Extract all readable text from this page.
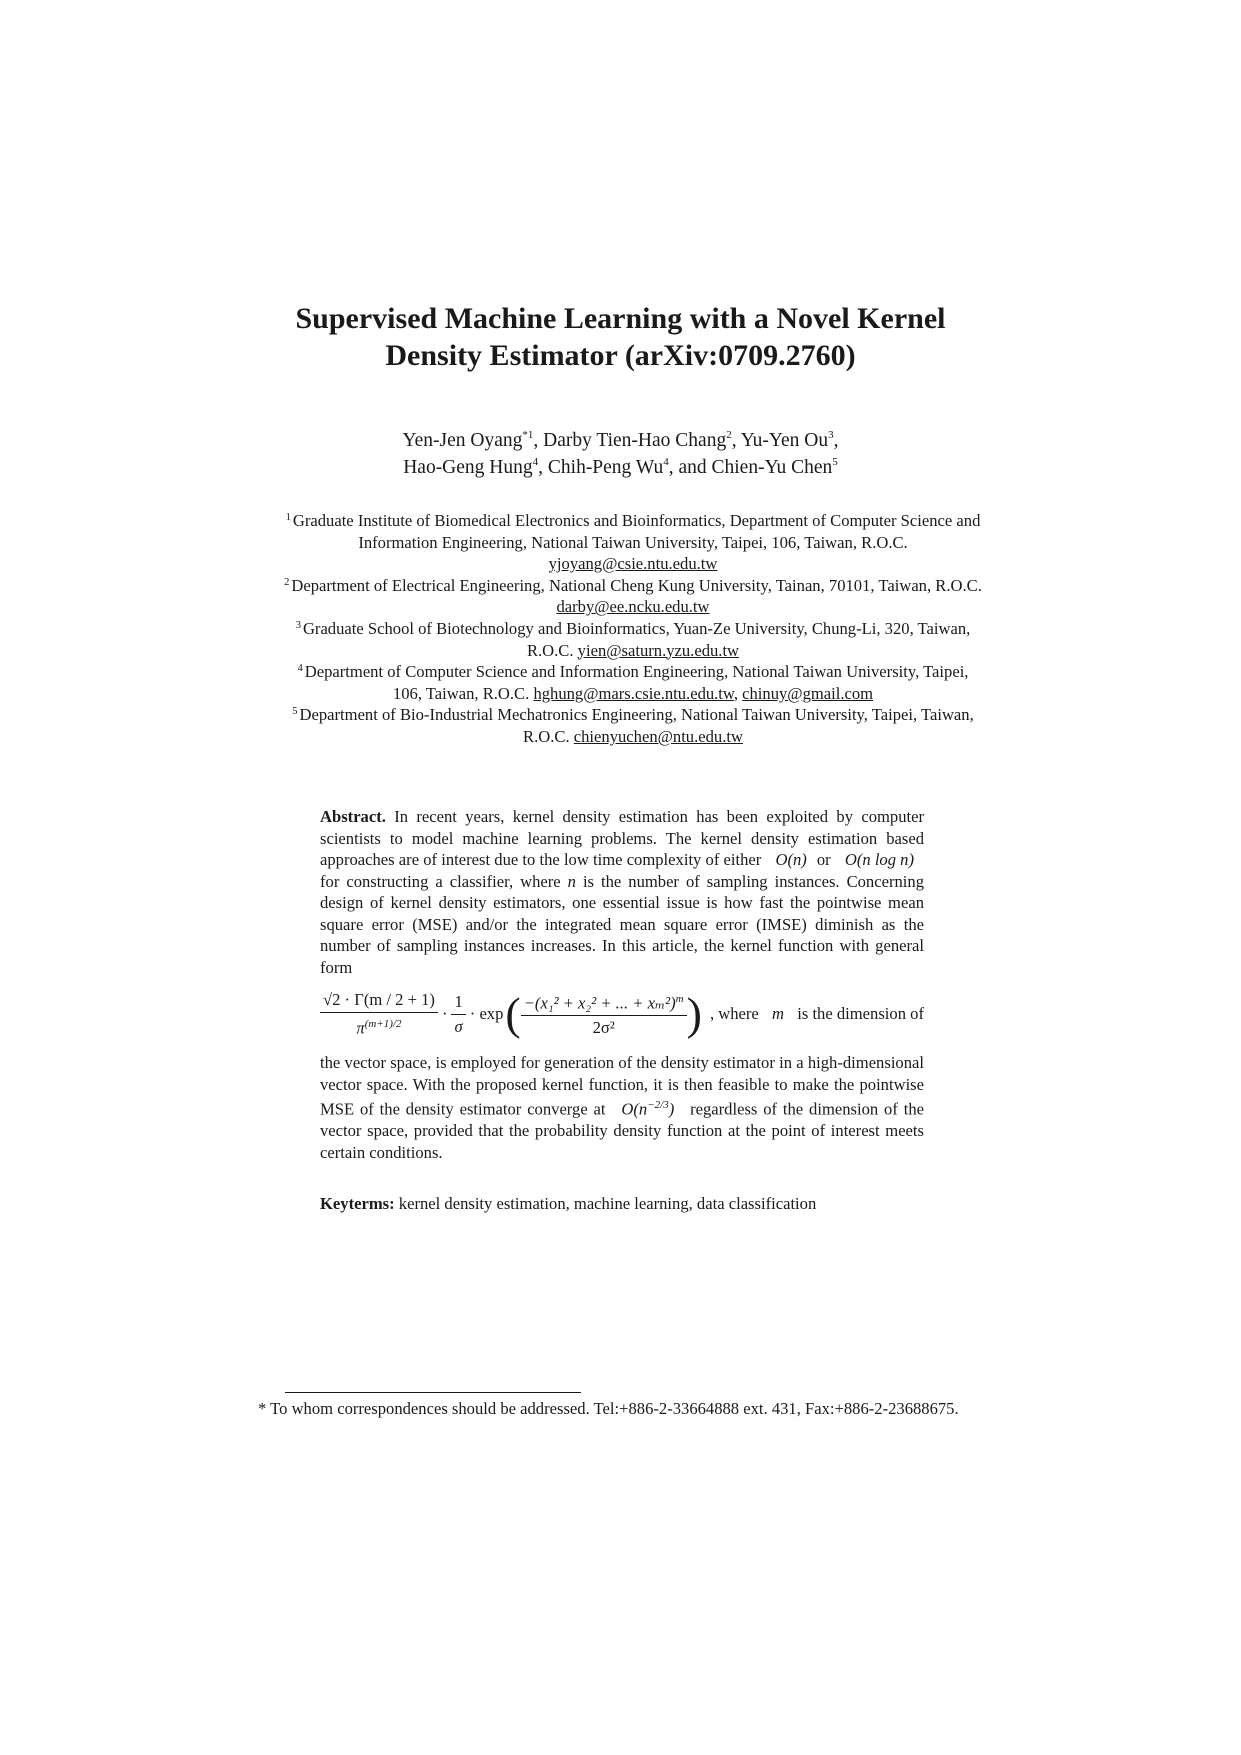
Supervised Machine Learning with a Novel Kernel
Density Estimator (arXiv:0709.2760)
Yen-Jen Oyang$^{*1}$, Darby Tien-Hao Chang$^2$, Yu-Yen Ou$^3$,
Hao-Geng Hung$^4$, Chih-Peng Wu$^4$, and Chien-Yu Chen$^5$

$^1$ Graduate Institute of Biomedical Electronics and Bioinformatics, Department of Computer Science and Information Engineering, National Taiwan University, Taipei, 106, Taiwan, R.O.C. yjoyang@csie.ntu.edu.tw

$^2$ Department of Electrical Engineering, National Cheng Kung University, Tainan, 70101, Taiwan, R.O.C. darby@ee.ncku.edu.tw

$^3$ Graduate School of Biotechnology and Bioinformatics, Yuan-Ze University, Chung-Li, 320, Taiwan, R.O.C. yien@saturn.yzu.edu.tw

$^4$ Department of Computer Science and Information Engineering, National Taiwan University, Taipei, 106, Taiwan, R.O.C. hghung@mars.csie.ntu.edu.tw, chinuy@gmail.com

$^5$ Department of Bio-Industrial Mechatronics Engineering, National Taiwan University, Taipei, Taiwan, R.O.C. chienyuchen@ntu.edu.tw

Abstract. In recent years, kernel density estimation has been exploited by computer scientists to model machine learning problems. The kernel density estimation based approaches are of interest due to the low time complexity of either O(n) or O(n log n) for constructing a classifier, where n is the number of sampling instances. Concerning design of kernel density estimators, one essential issue is how fast the pointwise mean square error (MSE) and/or the integrated mean square error (IMSE) diminish as the number of sampling instances increases. In this article, the kernel function with general form

$\frac{√2 \cdot \Gamma(m / 2 + 1)}{\pi^{(m+1)/2}} \cdot \frac{1}{\sigma} \cdot \exp$ ( $\frac{-(x_1^2 + x_2^2 + ... + x_m^2)^m}{\text{2σ²}}$ ) , where m is the dimension of

the vector space, is employed for generation of the density estimator in a high-dimensional vector space. With the proposed kernel function, it is then feasible to make the pointwise MSE of the density estimator converge at $O(n^{-2/3})$ regardless of the dimension of the vector space, provided that the probability density function at the point of interest meets certain conditions.

Keyterms: kernel density estimation, machine learning, data classification
* To whom correspondences should be addressed. Tel:+886-2-33664888 ext. 431, Fax:+886-2-23688675.
